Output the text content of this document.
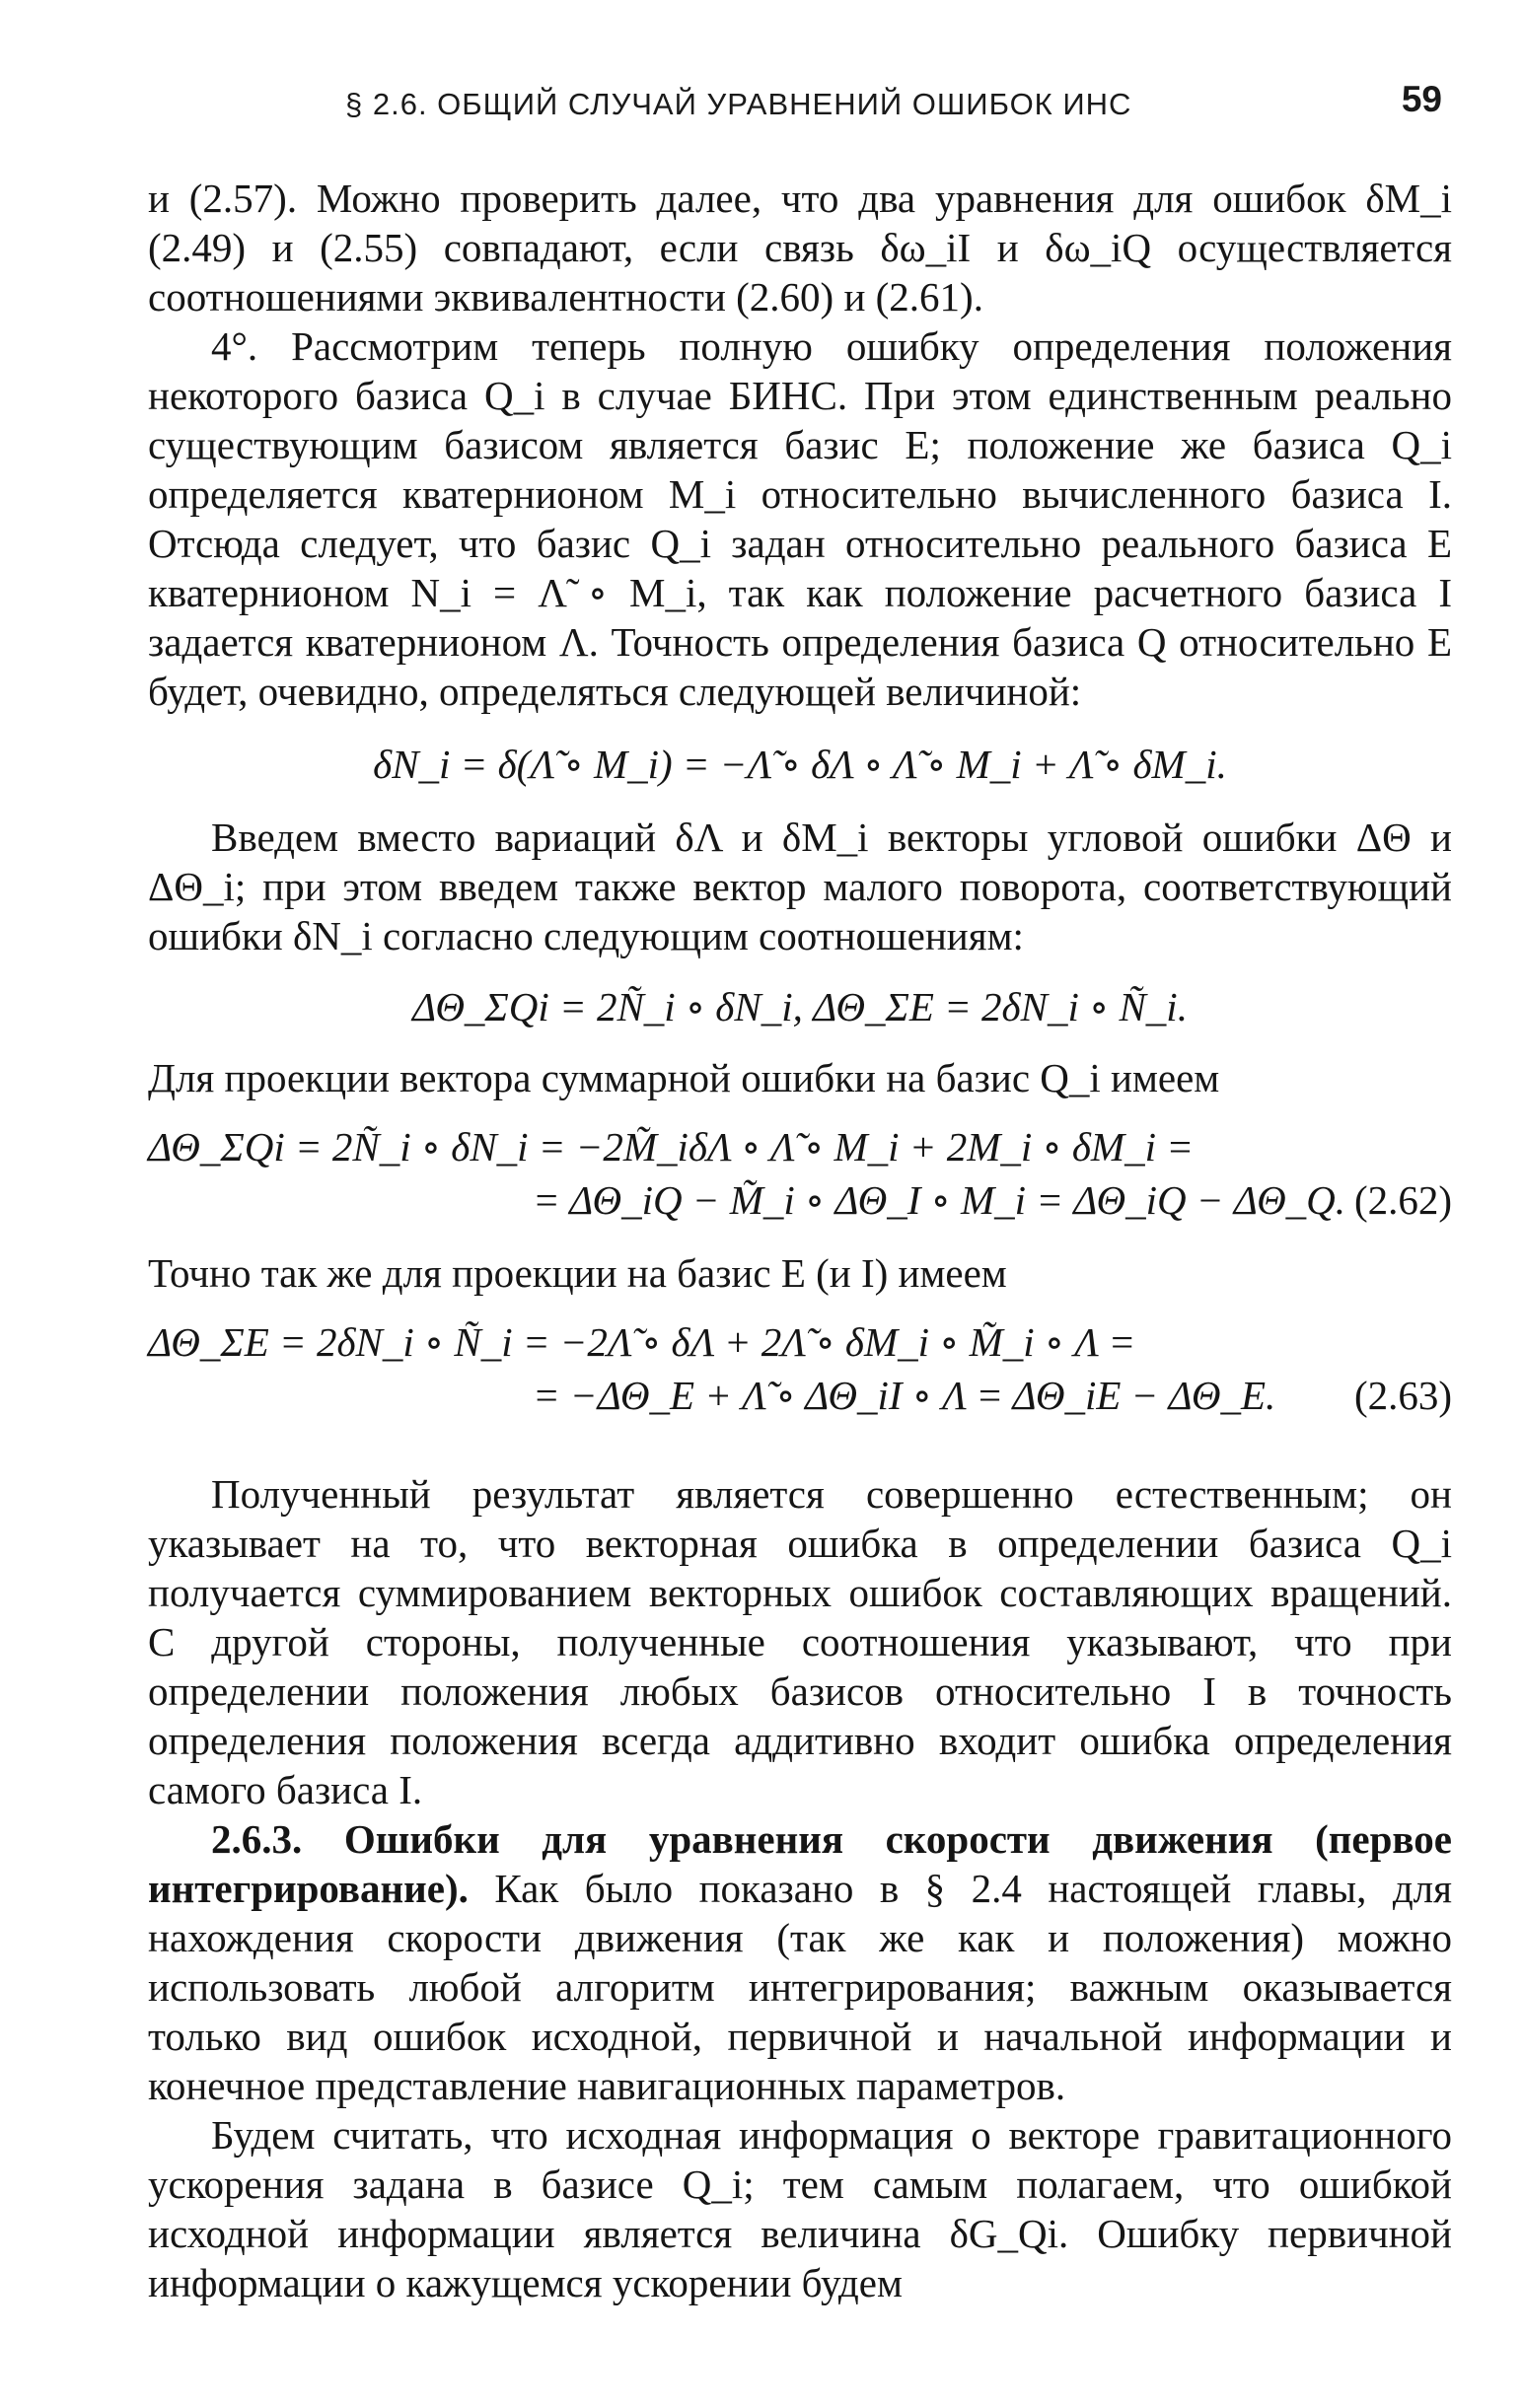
§ 2.6. ОБЩИЙ СЛУЧАЙ УРАВНЕНИЙ ОШИБОК ИНС	59

и (2.57). Можно проверить далее, что два уравнения для ошибок δM_i (2.49) и (2.55) совпадают, если связь δω_iI и δω_iQ осуществляется соотношениями эквивалентности (2.60) и (2.61).

4°. Рассмотрим теперь полную ошибку определения положения некоторого базиса Q_i в случае БИНС. При этом единственным реально существующим базисом является базис E; положение же базиса Q_i определяется кватернионом M_i относительно вычисленного базиса I. Отсюда следует, что базис Q_i задан относительно реального базиса E кватернионом N_i = Λ̃ ∘ M_i, так как положение расчетного базиса I задается кватернионом Λ. Точность определения базиса Q относительно E будет, очевидно, определяться следующей величиной:

δN_i = δ(Λ̃ ∘ M_i) = −Λ̃ ∘ δΛ ∘ Λ̃ ∘ M_i + Λ̃ ∘ δM_i.

Введем вместо вариаций δΛ и δM_i векторы угловой ошибки ΔΘ и ΔΘ_i; при этом введем также вектор малого поворота, соответствующий ошибки δN_i согласно следующим соотношениям:

ΔΘ_ΣQi = 2Ñ_i ∘ δN_i, ΔΘ_ΣE = 2δN_i ∘ Ñ_i.

Для проекции вектора суммарной ошибки на базис Q_i имеем

ΔΘ_ΣQi = 2Ñ_i ∘ δN_i = −2M̃_iδΛ ∘ Λ̃ ∘ M_i + 2M_i ∘ δM_i =
= ΔΘ_iQ − M̃_i ∘ ΔΘ_I ∘ M_i = ΔΘ_iQ − ΔΘ_Q. (2.62)

Точно так же для проекции на базис E (и I) имеем

ΔΘ_ΣE = 2δN_i ∘ Ñ_i = −2Λ̃ ∘ δΛ + 2Λ̃ ∘ δM_i ∘ M̃_i ∘ Λ =
= −ΔΘ_E + Λ̃ ∘ ΔΘ_iI ∘ Λ = ΔΘ_iE − ΔΘ_E.	(2.63)

Полученный результат является совершенно естественным; он указывает на то, что векторная ошибка в определении базиса Q_i получается суммированием векторных ошибок составляющих вращений. С другой стороны, полученные соотношения указывают, что при определении положения любых базисов относительно I в точность определения положения всегда аддитивно входит ошибка определения самого базиса I.

2.6.3. Ошибки для уравнения скорости движения (первое интегрирование). Как было показано в § 2.4 настоящей главы, для нахождения скорости движения (так же как и положения) можно использовать любой алгоритм интегрирования; важным оказывается только вид ошибок исходной, первичной и начальной информации и конечное представление навигационных параметров.

Будем считать, что исходная информация о векторе гравитационного ускорения задана в базисе Q_i; тем самым полагаем, что ошибкой исходной информации является величина δG_Qi. Ошибку первичной информации о кажущемся ускорении будем
